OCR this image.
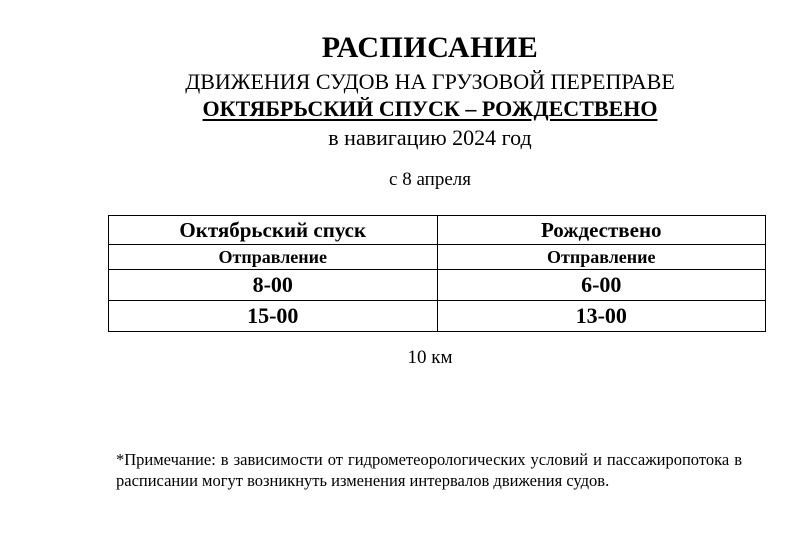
РАСПИСАНИЕ
ДВИЖЕНИЯ СУДОВ НА ГРУЗОВОЙ ПЕРЕПРАВЕ
ОКТЯБРЬСКИЙ СПУСК – РОЖДЕСТВЕНО
в навигацию 2024 год
с 8 апреля
Октябрьский спуск	Рождествено
Отправление	Отправление
8-00	6-00
15-00	13-00
10 км
*Примечание: в зависимости от гидрометеорологических условий и пассажиропотока в расписании могут возникнуть изменения интервалов движения судов.
